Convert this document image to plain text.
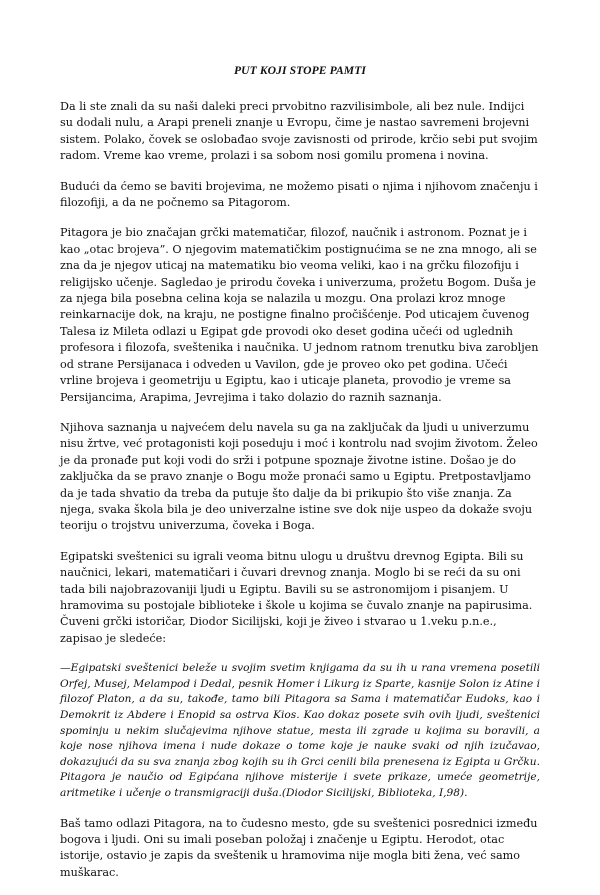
PUT KOJI STOPE PAMTI

Da li ste znali da su naši daleki preci prvobitno razvilisimbole, ali bez nule. Indijci su dodali nulu, a Arapi preneli znanje u Evropu, čime je nastao savremeni brojevni sistem. Polako, čovek se oslobađao svoje zavisnosti od prirode, krčio sebi put svojim radom. Vreme kao vreme, prolazi i sa sobom nosi gomilu promena i novina.

Budući da ćemo se baviti brojevima, ne možemo pisati o njima i njihovom značenju i filozofiji, a da ne počnemo sa Pitagorom.

Pitagora je bio značajan grčki matematičar, filozof, naučnik i astronom. Poznat je i kao „otac brojeva”. O njegovim matematičkim postignućima se ne zna mnogo, ali se zna da je njegov uticaj na matematiku bio veoma veliki, kao i na grčku filozofiju i religijsko učenje. Sagledao je prirodu čoveka i univerzuma, prožetu Bogom. Duša je za njega bila posebna celina koja se nalazila u mozgu. Ona prolazi kroz mnoge reinkarnacije dok, na kraju, ne postigne finalno pročišćenje. Pod uticajem čuvenog Talesa iz Mileta odlazi u Egipat gde provodi oko deset godina učeći od uglednih profesora i filozofa, sveštenika i naučnika. U jednom ratnom trenutku biva zarobljen od strane Persijanaca i odveden u Vavilon, gde je proveo oko pet godina. Učeći vrline brojeva i geometriju u Egiptu, kao i uticaje planeta, provodio je vreme sa Persijancima, Arapima, Jevrejima i tako dolazio do raznih saznanja.

Njihova saznanja u najvećem delu navela su ga na zaključak da ljudi u univerzumu nisu žrtve, već protagonisti koji poseduju i moć i kontrolu nad svojim životom. Želeo je da pronađe put koji vodi do srži i potpune spoznaje životne istine. Došao je do zaključka da se pravo znanje o Bogu može pronaći samo u Egiptu. Pretpostavljamo da je tada shvatio da treba da putuje što dalje da bi prikupio što više znanja. Za njega, svaka škola bila je deo univerzalne istine sve dok nije uspeo da dokaže svoju teoriju o trojstvu univerzuma, čoveka i Boga.

Egipatski sveštenici su igrali veoma bitnu ulogu u društvu drevnog Egipta. Bili su naučnici, lekari, matematičari i čuvari drevnog znanja. Moglo bi se reći da su oni tada bili najobrazovaniji ljudi u Egiptu. Bavili su se astronomijom i pisanjem. U hramovima su postojale biblioteke i škole u kojima se čuvalo znanje na papirusima. Čuveni grčki istoričar, Diodor Sicilijski, koji je živeo i stvarao u 1.veku p.n.e., zapisao je sledeće:

—Egipatski sveštenici beleže u svojim svetim knjigama da su ih u rana vremena posetili Orfej, Musej, Melampod i Dedal, pesnik Homer i Likurg iz Sparte, kasnije Solon iz Atine i filozof Platon, a da su, takođe, tamo bili Pitagora sa Sama i matematičar Eudoks, kao i Demokrit iz Abdere i Enopid sa ostrva Kios. Kao dokaz posete svih ovih ljudi, sveštenici spominju u nekim slučajevima njihove statue, mesta ili zgrade u kojima su boravili, a koje nose njihova imena i nude dokaze o tome koje je nauke svaki od njih izučavao, dokazujući da su sva znanja zbog kojih su ih Grci cenili bila prenesena iz Egipta u Grčku. Pitagora je naučio od Egipćana njihove misterije i svete prikaze, umeće geometrije, aritmetike i učenje o transmigraciji duša.(Diodor Sicilijski, Biblioteka, I,98).

Baš tamo odlazi Pitagora, na to čudesno mesto, gde su sveštenici posrednici između bogova i ljudi. Oni su imali poseban položaj i značenje u Egiptu. Herodot, otac istorije, ostavio je zapis da sveštenik u hramovima nije mogla biti žena, već samo muškarac.
